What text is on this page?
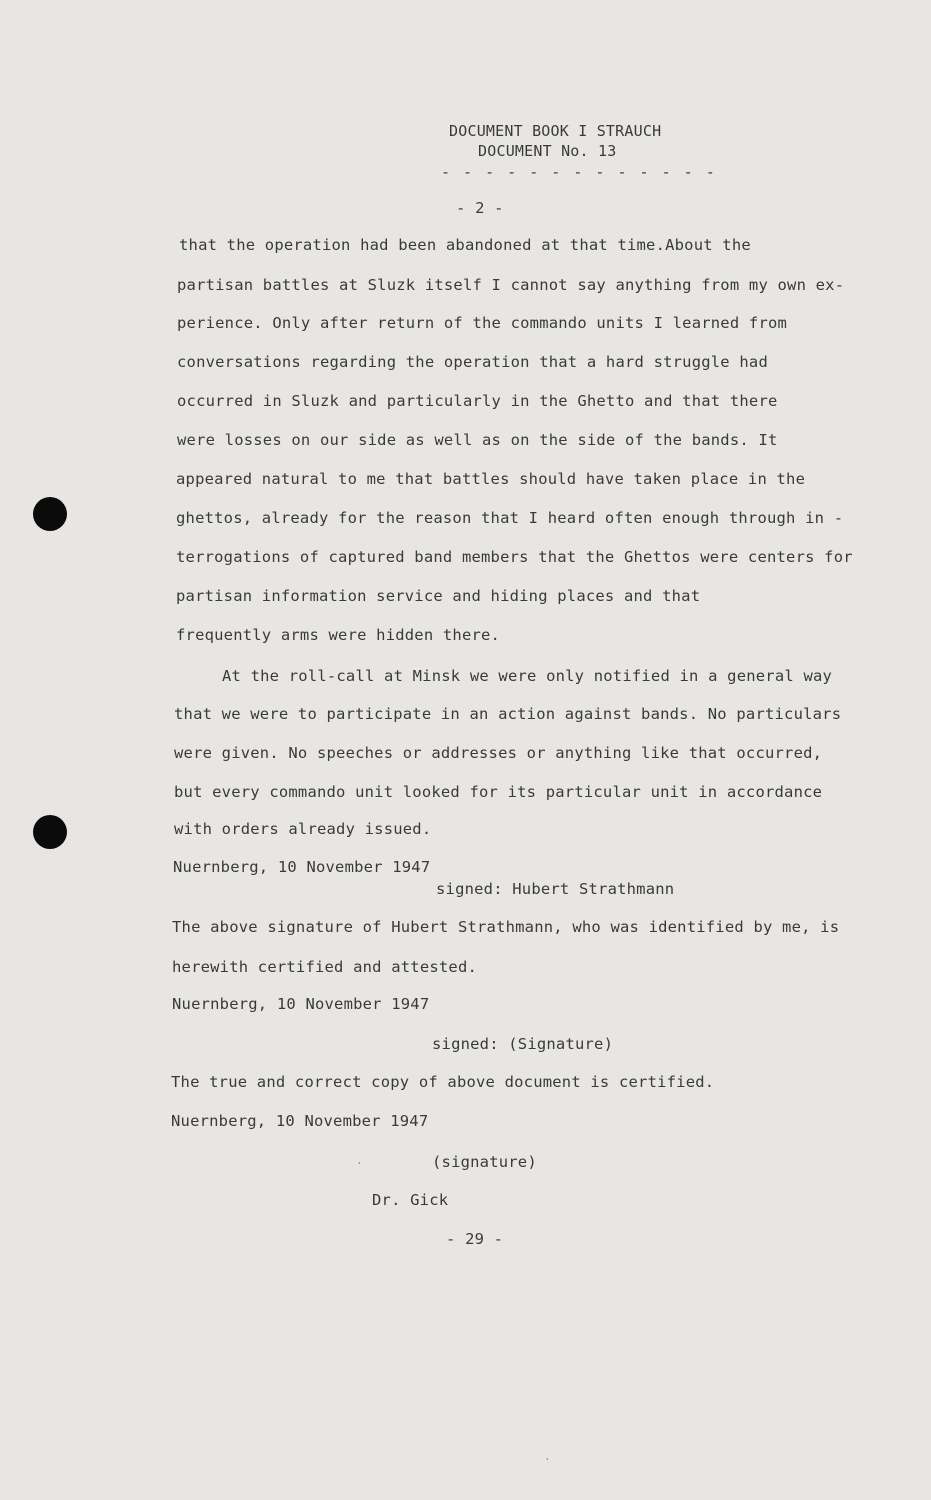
DOCUMENT BOOK I STRAUCH
DOCUMENT No. 13
- - - - - - - - - - - - -
- 2 -
that the operation had been abandoned at that time.About the
partisan battles at Sluzk itself I cannot say anything from my own ex-
perience. Only after return of the commando units I learned from
conversations regarding the operation that a hard struggle had
occurred in Sluzk and particularly in the Ghetto and that there
were losses on our side as well as on the side of the bands. It
appeared natural to me that battles should have taken place in the
ghettos, already for the reason that I heard often enough through in -
terrogations of captured band members that the Ghettos were centers for
partisan information service and hiding places and that
frequently arms were hidden there.
At the roll-call at Minsk we were only notified in a general way
that we were to participate in an action against bands. No particulars
were given. No speeches or addresses or anything like that occurred,
but every commando unit looked for its particular unit in accordance
with orders already issued.
Nuernberg, 10 November 1947
signed: Hubert Strathmann
The above signature of Hubert Strathmann, who was identified by me, is
herewith certified and attested.
Nuernberg, 10 November 1947
signed: (Signature)
The true and correct copy of above document is certified.
Nuernberg, 10 November 1947
(signature)
Dr. Gick
- 29 -
·
·
